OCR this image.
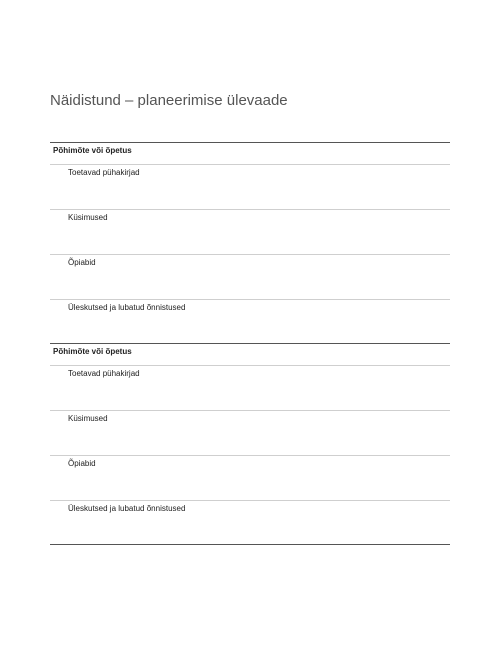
Näidistund – planeerimise ülevaade
Põhimõte või õpetus
Toetavad pühakirjad
Küsimused
Õpiabid
Üleskutsed ja lubatud õnnistused
Põhimõte või õpetus
Toetavad pühakirjad
Küsimused
Õpiabid
Üleskutsed ja lubatud õnnistused
